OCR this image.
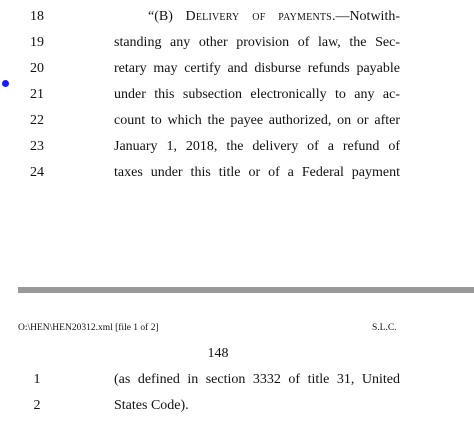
18	“(B) Delivery of payments.—Notwith-
19	standing any other provision of law, the Sec-
20	retary may certify and disburse refunds payable
21	under this subsection electronically to any ac-
22	count to which the payee authorized, on or after
23	January 1, 2018, the delivery of a refund of
24	taxes under this title or of a Federal payment
O:\HEN\HEN20312.xml [file 1 of 2]	S.L.C.
148
1	(as defined in section 3332 of title 31, United
2	States Code).
